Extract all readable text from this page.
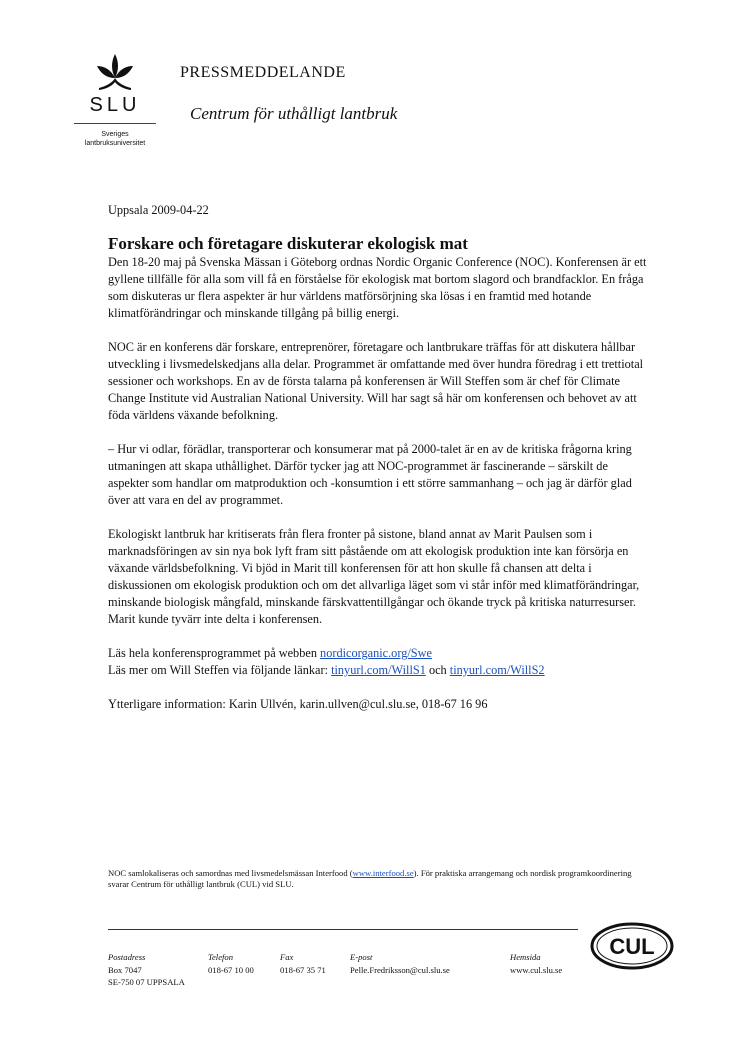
SLU
Sveriges
lantbruksuniversitet
PRESSMEDDELANDE
Centrum för uthålligt lantbruk

Uppsala 2009-04-22

Forskare och företagare diskuterar ekologisk mat

Den 18-20 maj på Svenska Mässan i Göteborg ordnas Nordic Organic Conference (NOC). Konferensen är ett gyllene tillfälle för alla som vill få en förståelse för ekologisk mat bortom slagord och brandfacklor. En fråga som diskuteras ur flera aspekter är hur världens matförsörjning ska lösas i en framtid med hotande klimatförändringar och minskande tillgång på billig energi.

NOC är en konferens där forskare, entreprenörer, företagare och lantbrukare träffas för att diskutera hållbar utveckling i livsmedelskedjans alla delar. Programmet är omfattande med över hundra föredrag i ett trettiotal sessioner och workshops. En av de första talarna på konferensen är Will Steffen som är chef för Climate Change Institute vid Australian National University. Will har sagt så här om konferensen och behovet av att föda världens växande befolkning.

– Hur vi odlar, förädlar, transporterar och konsumerar mat på 2000-talet är en av de kritiska frågorna kring utmaningen att skapa uthållighet. Därför tycker jag att NOC-programmet är fascinerande – särskilt de aspekter som handlar om matproduktion och -konsumtion i ett större sammanhang – och jag är därför glad över att vara en del av programmet.

Ekologiskt lantbruk har kritiserats från flera fronter på sistone, bland annat av Marit Paulsen som i marknadsföringen av sin nya bok lyft fram sitt påstående om att ekologisk produktion inte kan försörja en växande världsbefolkning. Vi bjöd in Marit till konferensen för att hon skulle få chansen att delta i diskussionen om ekologisk produktion och om det allvarliga läget som vi står inför med klimatförändringar, minskande biologisk mångfald, minskande färskvattentillgångar och ökande tryck på kritiska naturresurser. Marit kunde tyvärr inte delta i konferensen.

Läs hela konferensprogrammet på webben nordicorganic.org/Swe

Läs mer om Will Steffen via följande länkar: tinyurl.com/WillS1 och tinyurl.com/WillS2

Ytterligare information: Karin Ullvén, karin.ullven@cul.slu.se, 018-67 16 96

NOC samlokaliseras och samordnas med livsmedelsmässan Interfood (www.interfood.se). För praktiska arrangemang och nordisk programkoordinering svarar Centrum för uthålligt lantbruk (CUL) vid SLU.
Postadress
Box 7047
SE-750 07 UPPSALA
Telefon
018-67 10 00
Fax
018-67 35 71
E-post
Pelle.Fredriksson@cul.slu.se
Hemsida
www.cul.slu.se
CUL
